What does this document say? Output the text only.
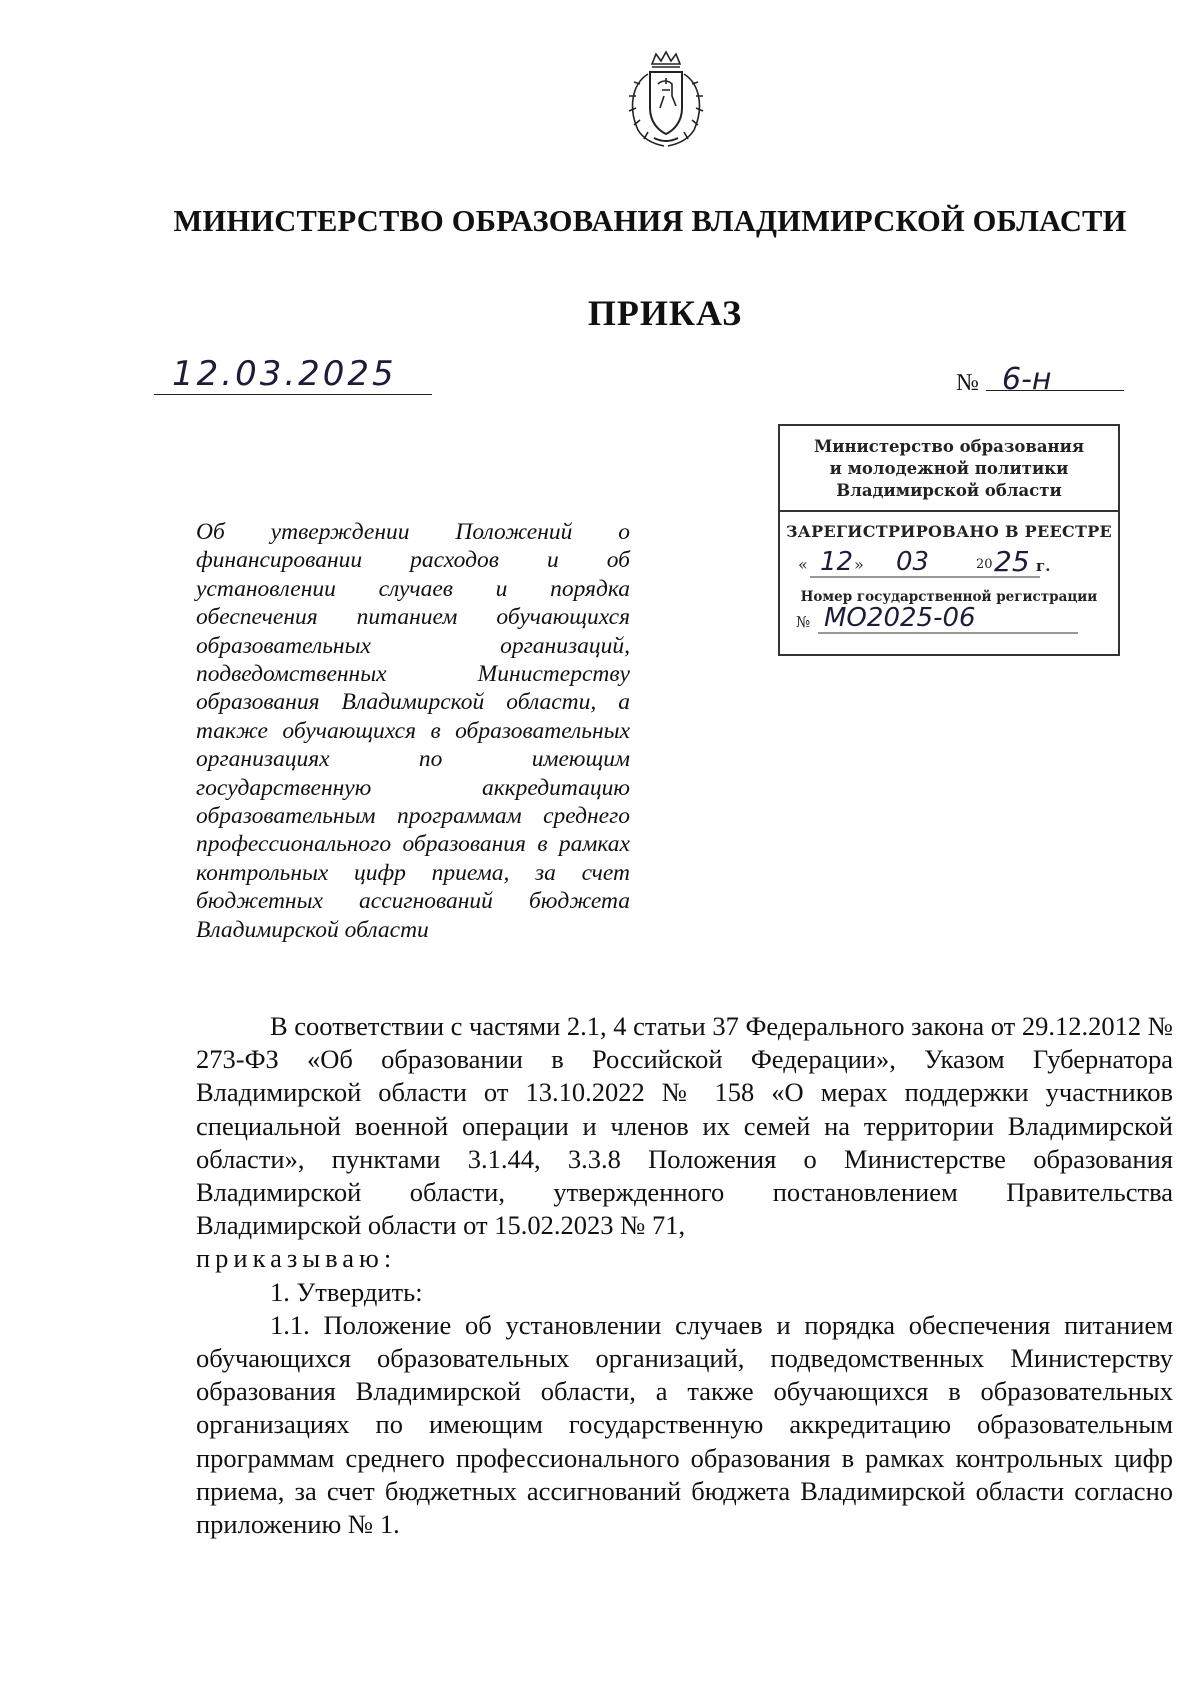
МИНИСТЕРСТВО ОБРАЗОВАНИЯ ВЛАДИМИРСКОЙ ОБЛАСТИ
ПРИКАЗ
12.03.2025	№ 6-н
Министерство образования
и молодежной политики
Владимирской области
ЗАРЕГИСТРИРОВАНО В РЕЕСТРЕ
« 12 » 03	20 25 г.
Номер государственной регистрации
№ МО2025-06
Об утверждении Положений о финансировании расходов и об установлении случаев и порядка обеспечения питанием обучающихся образовательных организаций, подведомственных Министерству образования Владимирской области, а также обучающихся в образовательных организациях по имеющим государственную аккредитацию образовательным программам среднего профессионального образования в рамках контрольных цифр приема, за счет бюджетных ассигнований бюджета Владимирской области

В соответствии с частями 2.1, 4 статьи 37 Федерального закона от 29.12.2012 № 273-ФЗ «Об образовании в Российской Федерации», Указом Губернатора Владимирской области от 13.10.2022 № 158 «О мерах поддержки участников специальной военной операции и членов их семей на территории Владимирской области», пунктами 3.1.44, 3.3.8 Положения о Министерстве образования Владимирской области, утвержденного постановлением Правительства Владимирской области от 15.02.2023 № 71,

приказываю:

1. Утвердить:

1.1. Положение об установлении случаев и порядка обеспечения питанием обучающихся образовательных организаций, подведомственных Министерству образования Владимирской области, а также обучающихся в образовательных организациях по имеющим государственную аккредитацию образовательным программам среднего профессионального образования в рамках контрольных цифр приема, за счет бюджетных ассигнований бюджета Владимирской области согласно приложению № 1.
